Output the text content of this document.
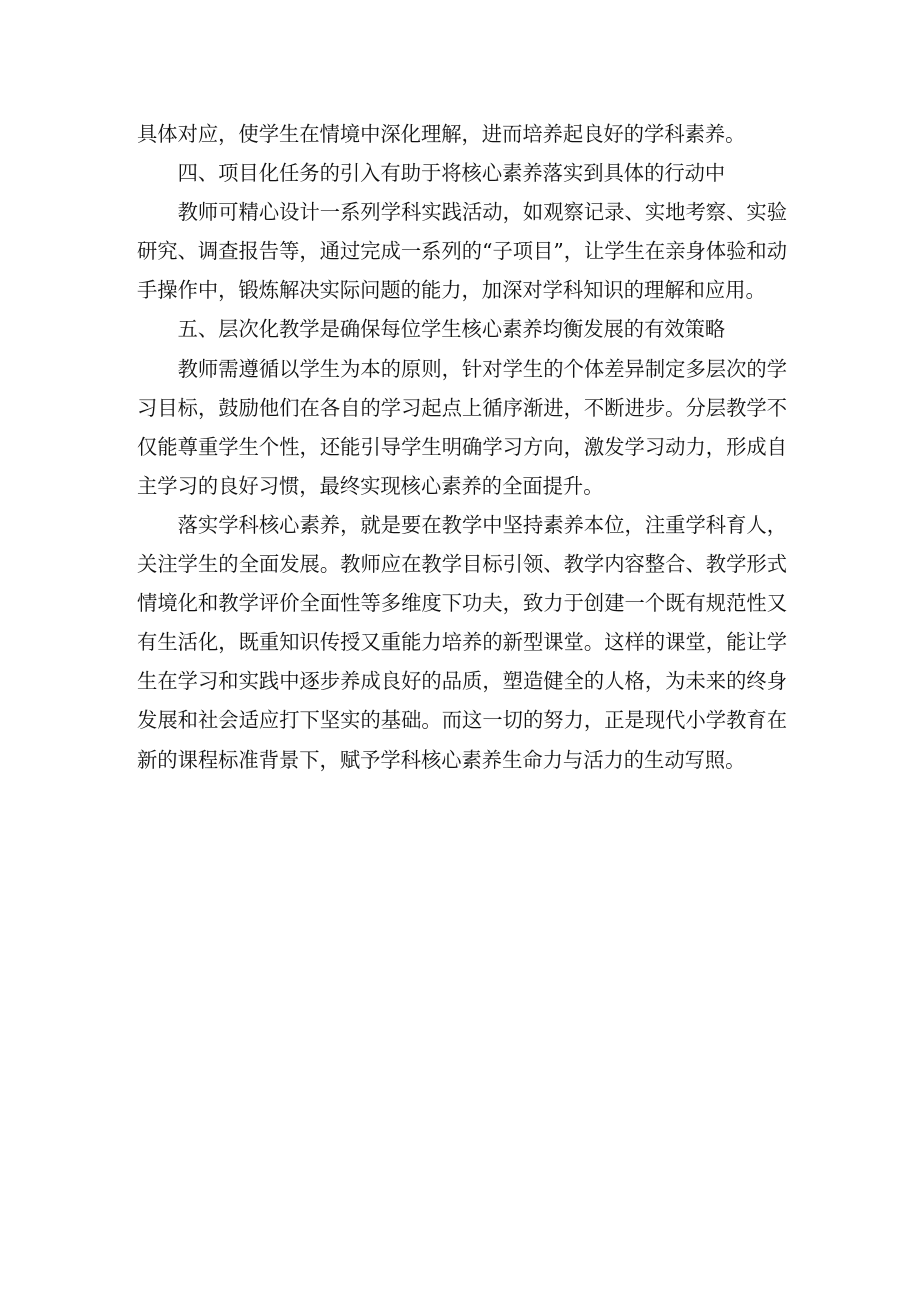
具体对应，使学生在情境中深化理解，进而培养起良好的学科素养。

四、项目化任务的引入有助于将核心素养落实到具体的行动中

教师可精心设计一系列学科实践活动，如观察记录、实地考察、实验研究、调查报告等，通过完成一系列的“子项目”，让学生在亲身体验和动手操作中，锻炼解决实际问题的能力，加深对学科知识的理解和应用。

五、层次化教学是确保每位学生核心素养均衡发展的有效策略

教师需遵循以学生为本的原则，针对学生的个体差异制定多层次的学习目标，鼓励他们在各自的学习起点上循序渐进，不断进步。分层教学不仅能尊重学生个性，还能引导学生明确学习方向，激发学习动力，形成自主学习的良好习惯，最终实现核心素养的全面提升。

落实学科核心素养，就是要在教学中坚持素养本位，注重学科育人，关注学生的全面发展。教师应在教学目标引领、教学内容整合、教学形式情境化和教学评价全面性等多维度下功夫，致力于创建一个既有规范性又有生活化，既重知识传授又重能力培养的新型课堂。这样的课堂，能让学生在学习和实践中逐步养成良好的品质，塑造健全的人格，为未来的终身发展和社会适应打下坚实的基础。而这一切的努力，正是现代小学教育在新的课程标准背景下，赋予学科核心素养生命力与活力的生动写照。
